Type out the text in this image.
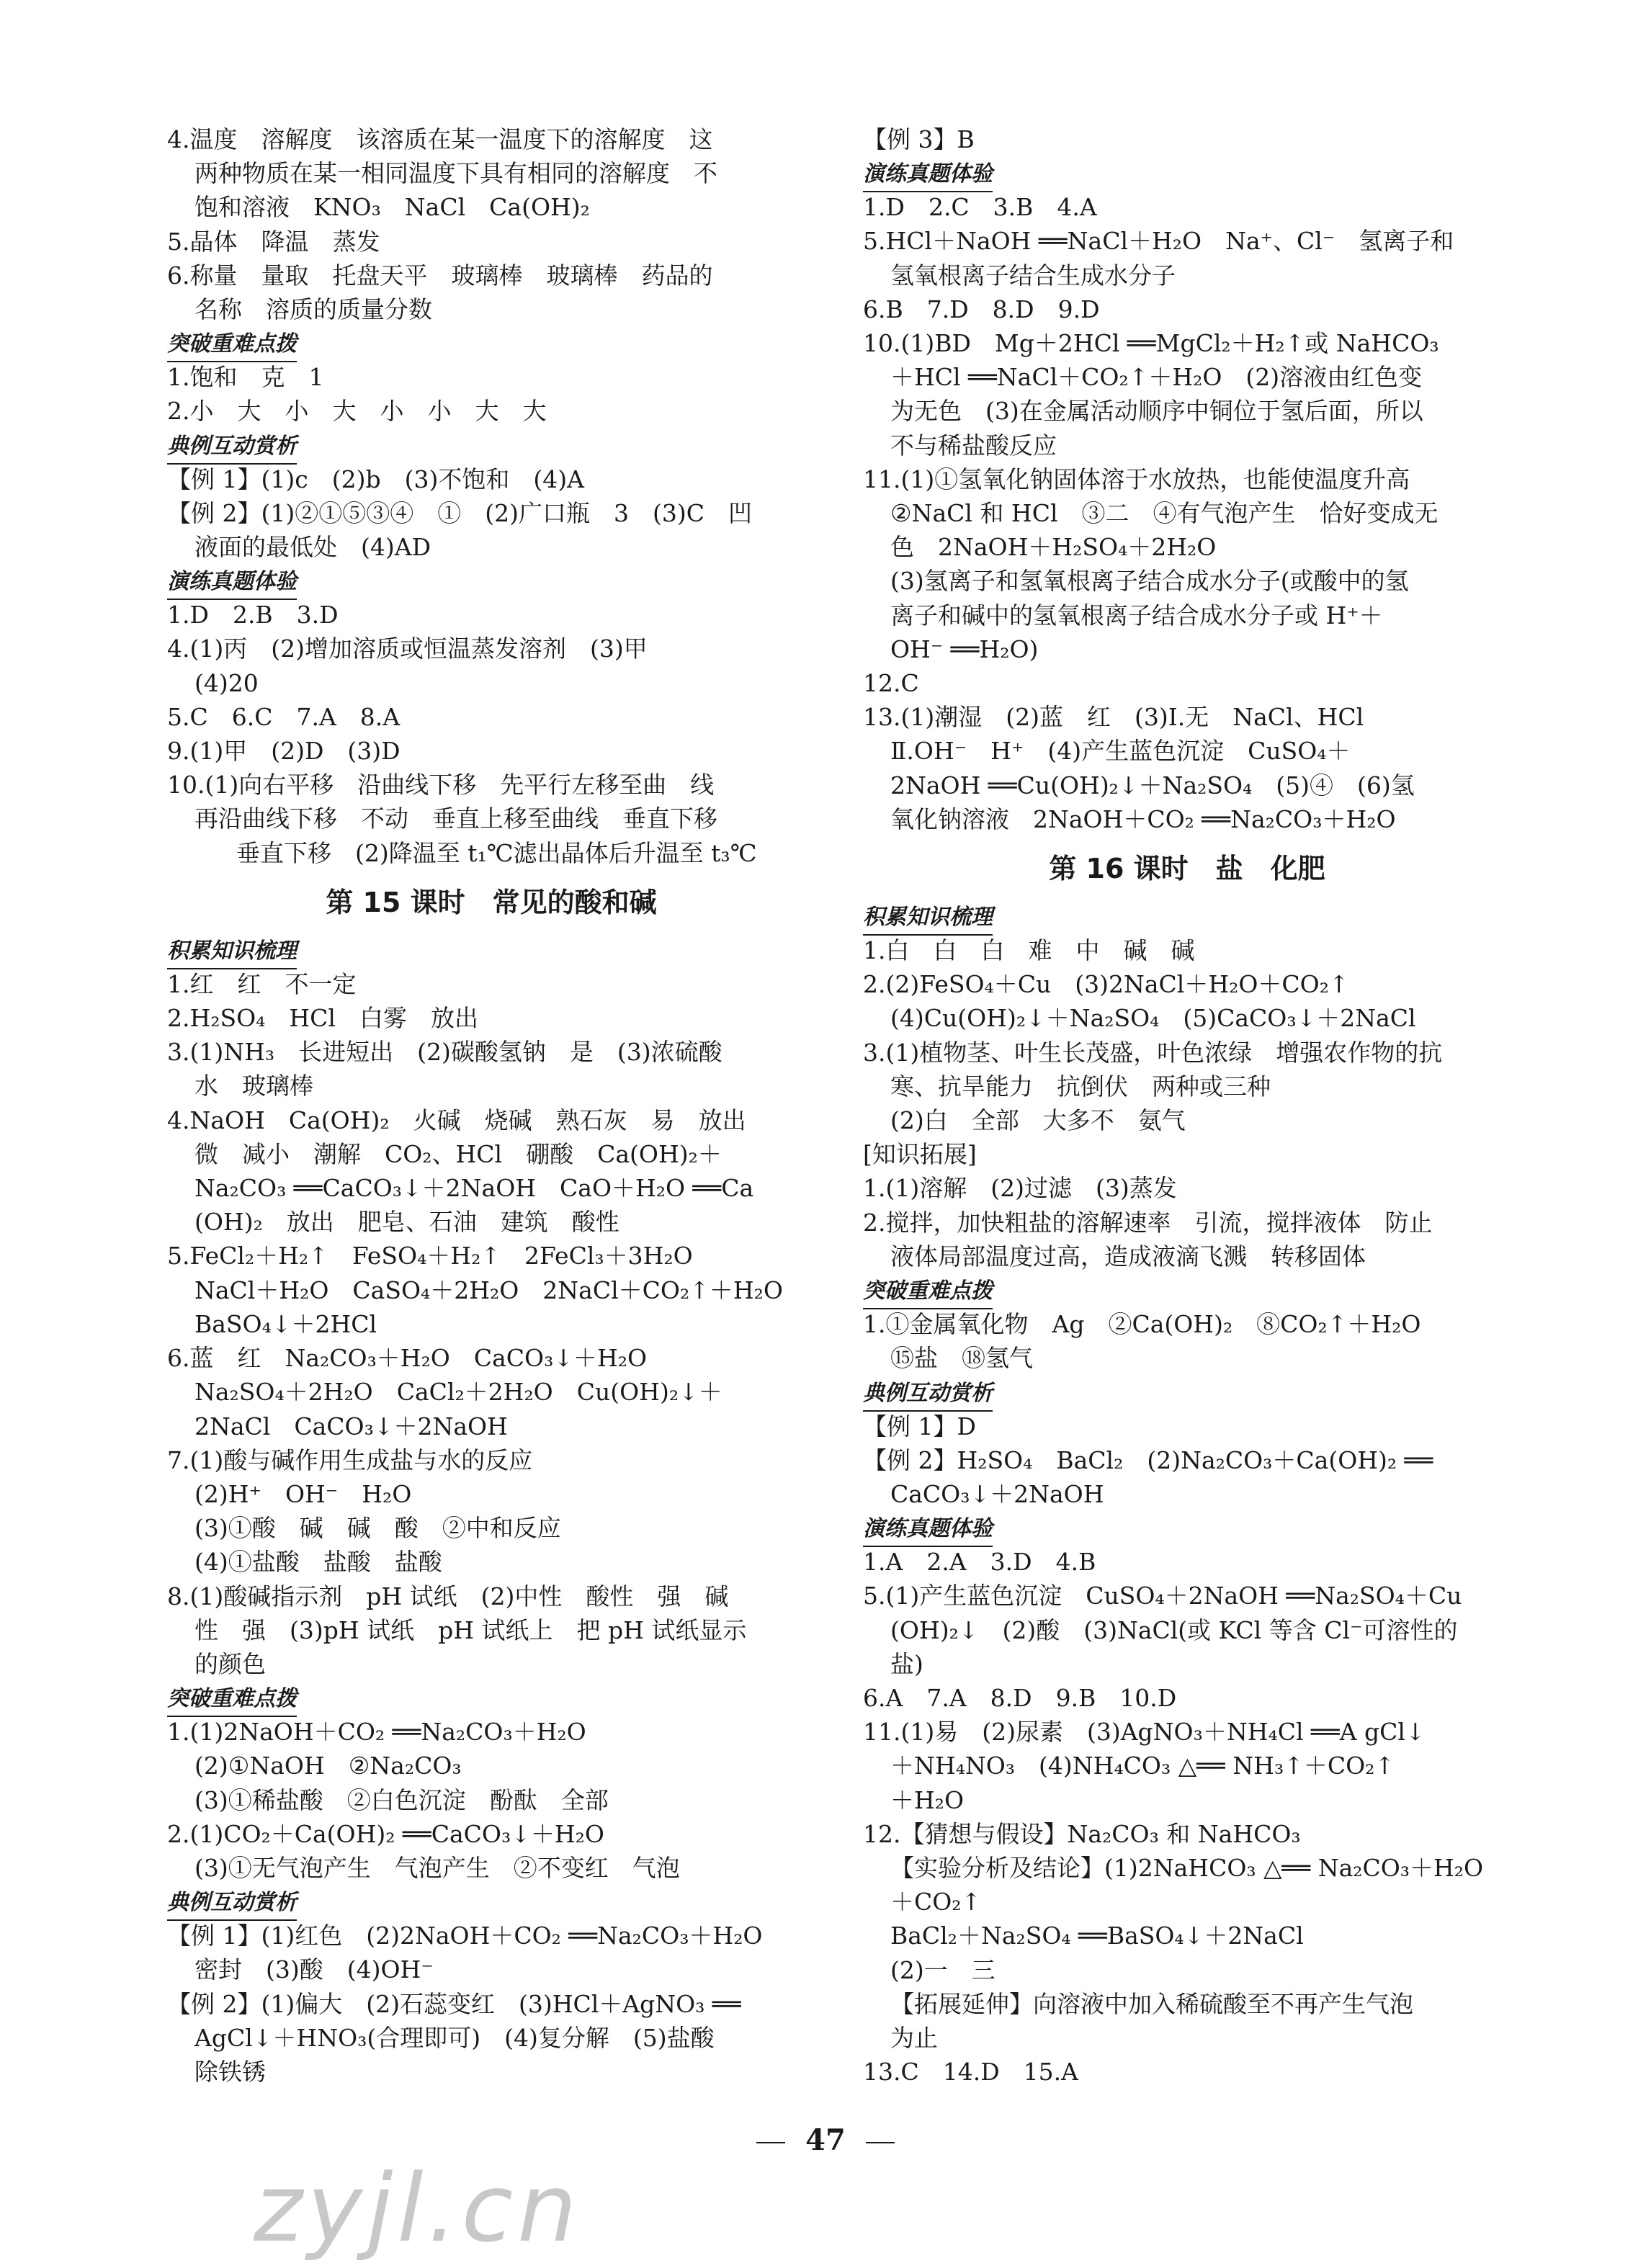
4.温度　溶解度　该溶质在某一温度下的溶解度　这

两种物质在某一相同温度下具有相同的溶解度　不

饱和溶液　KNO₃　NaCl　Ca(OH)₂

5.晶体　降温　蒸发

6.称量　量取　托盘天平　玻璃棒　玻璃棒　药品的

名称　溶质的质量分数

突破重难点拨

1.饱和　克　1

2.小　大　小　大　小　小　大　大

典例互动赏析

【例 1】(1)c　(2)b　(3)不饱和　(4)A

【例 2】(1)②①⑤③④　①　(2)广口瓶　3　(3)C　凹

液面的最低处　(4)AD

演练真题体验

1.D　2.B　3.D

4.(1)丙　(2)增加溶质或恒温蒸发溶剂　(3)甲

(4)20

5.C　6.C　7.A　8.A

9.(1)甲　(2)D　(3)D

10.(1)向右平移　沿曲线下移　先平行左移至曲　线

再沿曲线下移　不动　垂直上移至曲线　垂直下移

垂直下移　(2)降温至 t₁℃滤出晶体后升温至 t₃℃

第 15 课时　常见的酸和碱
积累知识梳理

1.红　红　不一定

2.H₂SO₄　HCl　白雾　放出

3.(1)NH₃　长进短出　(2)碳酸氢钠　是　(3)浓硫酸

水　玻璃棒

4.NaOH　Ca(OH)₂　火碱　烧碱　熟石灰　易　放出

微　减小　潮解　CO₂、HCl　硼酸　Ca(OH)₂＋

Na₂CO₃ ══CaCO₃↓＋2NaOH　CaO＋H₂O ══Ca

(OH)₂　放出　肥皂、石油　建筑　酸性

5.FeCl₂＋H₂↑　FeSO₄＋H₂↑　2FeCl₃＋3H₂O

NaCl＋H₂O　CaSO₄＋2H₂O　2NaCl＋CO₂↑＋H₂O

BaSO₄↓＋2HCl

6.蓝　红　Na₂CO₃＋H₂O　CaCO₃↓＋H₂O

Na₂SO₄＋2H₂O　CaCl₂＋2H₂O　Cu(OH)₂↓＋

2NaCl　CaCO₃↓＋2NaOH

7.(1)酸与碱作用生成盐与水的反应

(2)H⁺　OH⁻　H₂O

(3)①酸　碱　碱　酸　②中和反应

(4)①盐酸　盐酸　盐酸

8.(1)酸碱指示剂　pH 试纸　(2)中性　酸性　强　碱

性　强　(3)pH 试纸　pH 试纸上　把 pH 试纸显示

的颜色

突破重难点拨

1.(1)2NaOH＋CO₂ ══Na₂CO₃＋H₂O

(2)①NaOH　②Na₂CO₃

(3)①稀盐酸　②白色沉淀　酚酞　全部

2.(1)CO₂＋Ca(OH)₂ ══CaCO₃↓＋H₂O

(3)①无气泡产生　气泡产生　②不变红　气泡

典例互动赏析

【例 1】(1)红色　(2)2NaOH＋CO₂ ══Na₂CO₃＋H₂O

密封　(3)酸　(4)OH⁻

【例 2】(1)偏大　(2)石蕊变红　(3)HCl＋AgNO₃ ══

AgCl↓＋HNO₃(合理即可)　(4)复分解　(5)盐酸

除铁锈

【例 3】B

演练真题体验

1.D　2.C　3.B　4.A

5.HCl＋NaOH ══NaCl＋H₂O　Na⁺、Cl⁻　氢离子和

氢氧根离子结合生成水分子

6.B　7.D　8.D　9.D

10.(1)BD　Mg＋2HCl ══MgCl₂＋H₂↑或 NaHCO₃

＋HCl ══NaCl＋CO₂↑＋H₂O　(2)溶液由红色变

为无色　(3)在金属活动顺序中铜位于氢后面，所以

不与稀盐酸反应

11.(1)①氢氧化钠固体溶于水放热，也能使温度升高

②NaCl 和 HCl　③二　④有气泡产生　恰好变成无

色　2NaOH＋H₂SO₄＋2H₂O

(3)氢离子和氢氧根离子结合成水分子(或酸中的氢

离子和碱中的氢氧根离子结合成水分子或 H⁺＋

OH⁻ ══H₂O)

12.C

13.(1)潮湿　(2)蓝　红　(3)Ⅰ.无　NaCl、HCl

Ⅱ.OH⁻　H⁺　(4)产生蓝色沉淀　CuSO₄＋

2NaOH ══Cu(OH)₂↓＋Na₂SO₄　(5)④　(6)氢

氧化钠溶液　2NaOH＋CO₂ ══Na₂CO₃＋H₂O

第 16 课时　盐　化肥
积累知识梳理

1.白　白　白　难　中　碱　碱

2.(2)FeSO₄＋Cu　(3)2NaCl＋H₂O＋CO₂↑

(4)Cu(OH)₂↓＋Na₂SO₄　(5)CaCO₃↓＋2NaCl

3.(1)植物茎、叶生长茂盛，叶色浓绿　增强农作物的抗

寒、抗旱能力　抗倒伏　两种或三种

(2)白　全部　大多不　氨气

[知识拓展]

1.(1)溶解　(2)过滤　(3)蒸发

2.搅拌，加快粗盐的溶解速率　引流，搅拌液体　防止

液体局部温度过高，造成液滴飞溅　转移固体

突破重难点拨

1.①金属氧化物　Ag　②Ca(OH)₂　⑧CO₂↑＋H₂O

⑮盐　⑱氢气

典例互动赏析

【例 1】D

【例 2】H₂SO₄　BaCl₂　(2)Na₂CO₃＋Ca(OH)₂ ══

CaCO₃↓＋2NaOH

演练真题体验

1.A　2.A　3.D　4.B

5.(1)产生蓝色沉淀　CuSO₄＋2NaOH ══Na₂SO₄＋Cu

(OH)₂↓　(2)酸　(3)NaCl(或 KCl 等含 Cl⁻可溶性的

盐)

6.A　7.A　8.D　9.B　10.D

11.(1)易　(2)尿素　(3)AgNO₃＋NH₄Cl ══A gCl↓

＋NH₄NO₃　(4)NH₄CO₃ △══ NH₃↑＋CO₂↑

＋H₂O

12.【猜想与假设】Na₂CO₃ 和 NaHCO₃

【实验分析及结论】(1)2NaHCO₃ △══ Na₂CO₃＋H₂O

＋CO₂↑

BaCl₂＋Na₂SO₄ ══BaSO₄↓＋2NaCl

(2)一　三

【拓展延伸】向溶液中加入稀硫酸至不再产生气泡

为止

13.C　14.D　15.A

47
zyjl.cn
